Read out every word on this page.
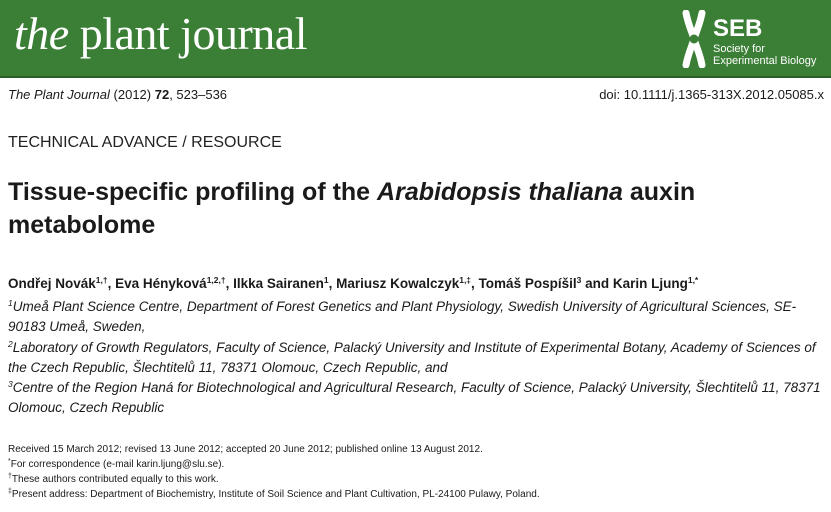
the plant journal	SEB
Society for
Experimental Biology
The Plant Journal (2012) 72, 523–536	doi: 10.1111/j.1365-313X.2012.05085.x
TECHNICAL ADVANCE / RESOURCE
Tissue-specific profiling of the Arabidopsis thaliana auxin metabolome
Ondřej Novák$^{1,\dagger}$, Eva Hényková$^{1,2,\dagger}$, Ilkka Sairanen$^1$, Mariusz Kowalczyk$^{1,\ddagger}$, Tomáš Pospíšil$^3$ and Karin Ljung$^{1,*}$
$^1$Umeå Plant Science Centre, Department of Forest Genetics and Plant Physiology, Swedish University of Agricultural Sciences, SE-90183 Umeå, Sweden,
$^2$Laboratory of Growth Regulators, Faculty of Science, Palacký University and Institute of Experimental Botany, Academy of Sciences of the Czech Republic, Šlechtitelů 11, 78371 Olomouc, Czech Republic, and
$^3$Centre of the Region Haná for Biotechnological and Agricultural Research, Faculty of Science, Palacký University, Šlechtitelů 11, 78371 Olomouc, Czech Republic
Received 15 March 2012; revised 13 June 2012; accepted 20 June 2012; published online 13 August 2012.
*For correspondence (e-mail karin.ljung@slu.se).
†These authors contributed equally to this work.
‡Present address: Department of Biochemistry, Institute of Soil Science and Plant Cultivation, PL-24100 Pulawy, Poland.
